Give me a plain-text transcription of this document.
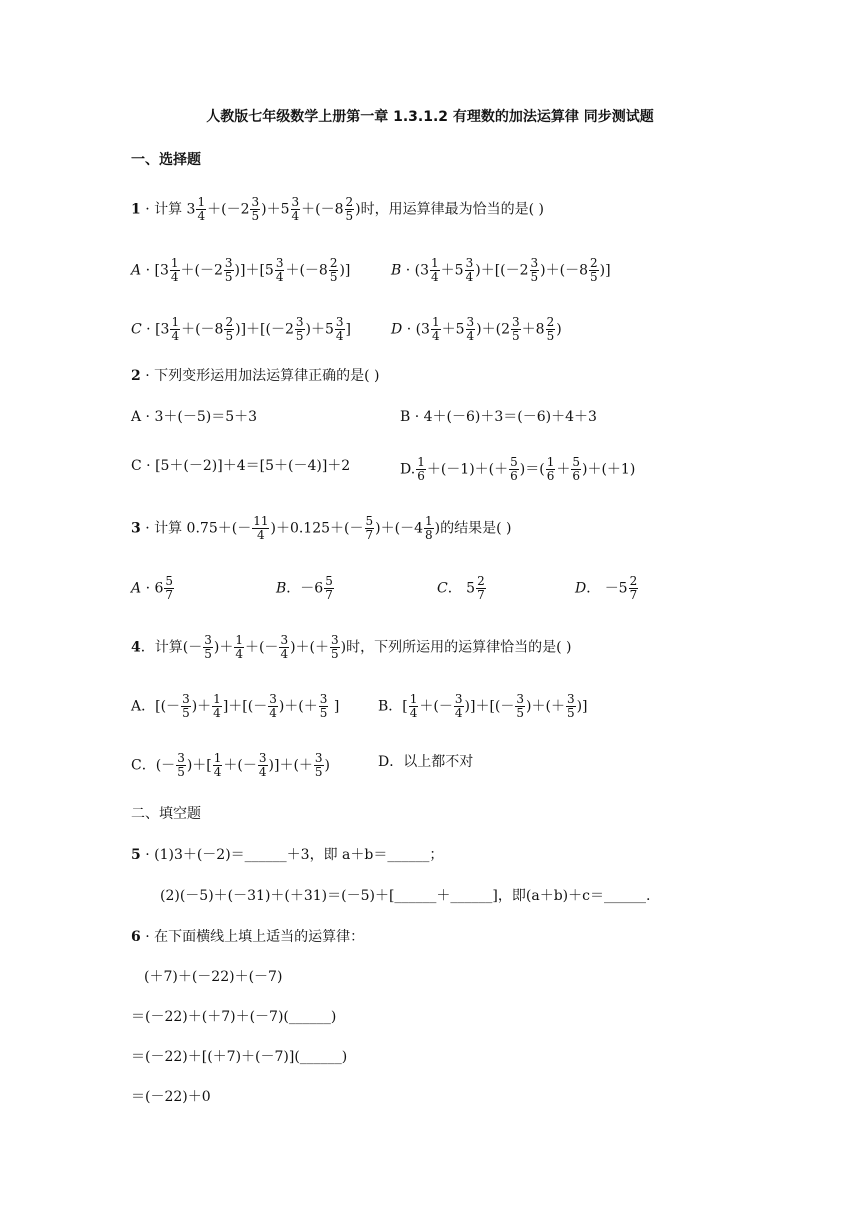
人教版七年级数学上册第一章 1.3.1.2 有理数的加法运算律 同步测试题
一、选择题
1 · 计算 $3 \frac{1}{4} +(-2 \frac{3}{5} )+5 \frac{3}{4} +(-8 \frac{2}{5}$ )时，用运算律最为恰当的是( )
$A \cdot [3 \frac{1}{4} +(-2 \frac{3}{5} )]+[5 \frac{3}{4} +(-8 \frac{2}{5}$ )]	$B \cdot (3 \frac{1}{4} +5 \frac{3}{4} )+[(-2 \frac{3}{5} )+(-8 \frac{2}{5}$ )]
$C \cdot [3 \frac{1}{4} +(-8 \frac{2}{5} )]+[(-2 \frac{3}{5} )+5 \frac{3}{4}$ ]	$D \cdot (3 \frac{1}{4} +5 \frac{3}{4} )+(2 \frac{3}{5} +8 \frac{2}{5}$ )
2 · 下列变形运用加法运算律正确的是( )
A · 3＋(－5)＝5＋3	B · 4＋(－6)＋3＝(－6)＋4＋3
C · [5＋(－2)]＋4＝[5＋(－4)]＋2	D. $\frac{1}{6} +(-1)+(+ \frac{5}{6}$ )＝( $\frac{1}{6} + \frac{5}{6} )+(+1)$
3 · 计算 $0.75+(- \frac{11}{4} )+0.125+(- \frac{5}{7} )+(-4 \frac{1}{8}$ )的结果是( )
$A \cdot 6 \frac{5}{7}$	B．$-6 \frac{5}{7}$	C． $5 \frac{2}{7}$	D． $-5 \frac{2}{7}$
4．计算(－ $\frac{3}{5}$ )＋ $\frac{1}{4}$ ＋(－ $\frac{3}{4}$ )＋(＋ $\frac{3}{5}$ )时，下列所运用的运算律恰当的是( )
A．[(－ $\frac{3}{5}$ )＋ $\frac{1}{4}$ ]＋[(－ $\frac{3}{4}$ )＋(＋ $\frac{3}{5}$ ]	B．[ $\frac{1}{4}$ ＋(－ $\frac{3}{4}$ )]＋[(－ $\frac{3}{5}$ )＋(＋ $\frac{3}{5}$ )]
C．(－ $\frac{3}{5}$ )＋[ $\frac{1}{4}$ ＋(－ $\frac{3}{4}$ )]＋(＋ $\frac{3}{5}$ )	D．以上都不对
二、填空题
5 · (1)3＋(－2)＝______＋3，即 a＋b＝______；
(2)(－5)＋(－31)＋(＋31)＝(－5)＋[______＋______]，即(a＋b)＋c＝______.
6 · 在下面横线上填上适当的运算律：
(＋7)＋(－22)＋(－7)
＝(－22)＋(＋7)＋(－7)(______)
＝(－22)＋[(＋7)＋(－7)](______)
＝(－22)＋0
